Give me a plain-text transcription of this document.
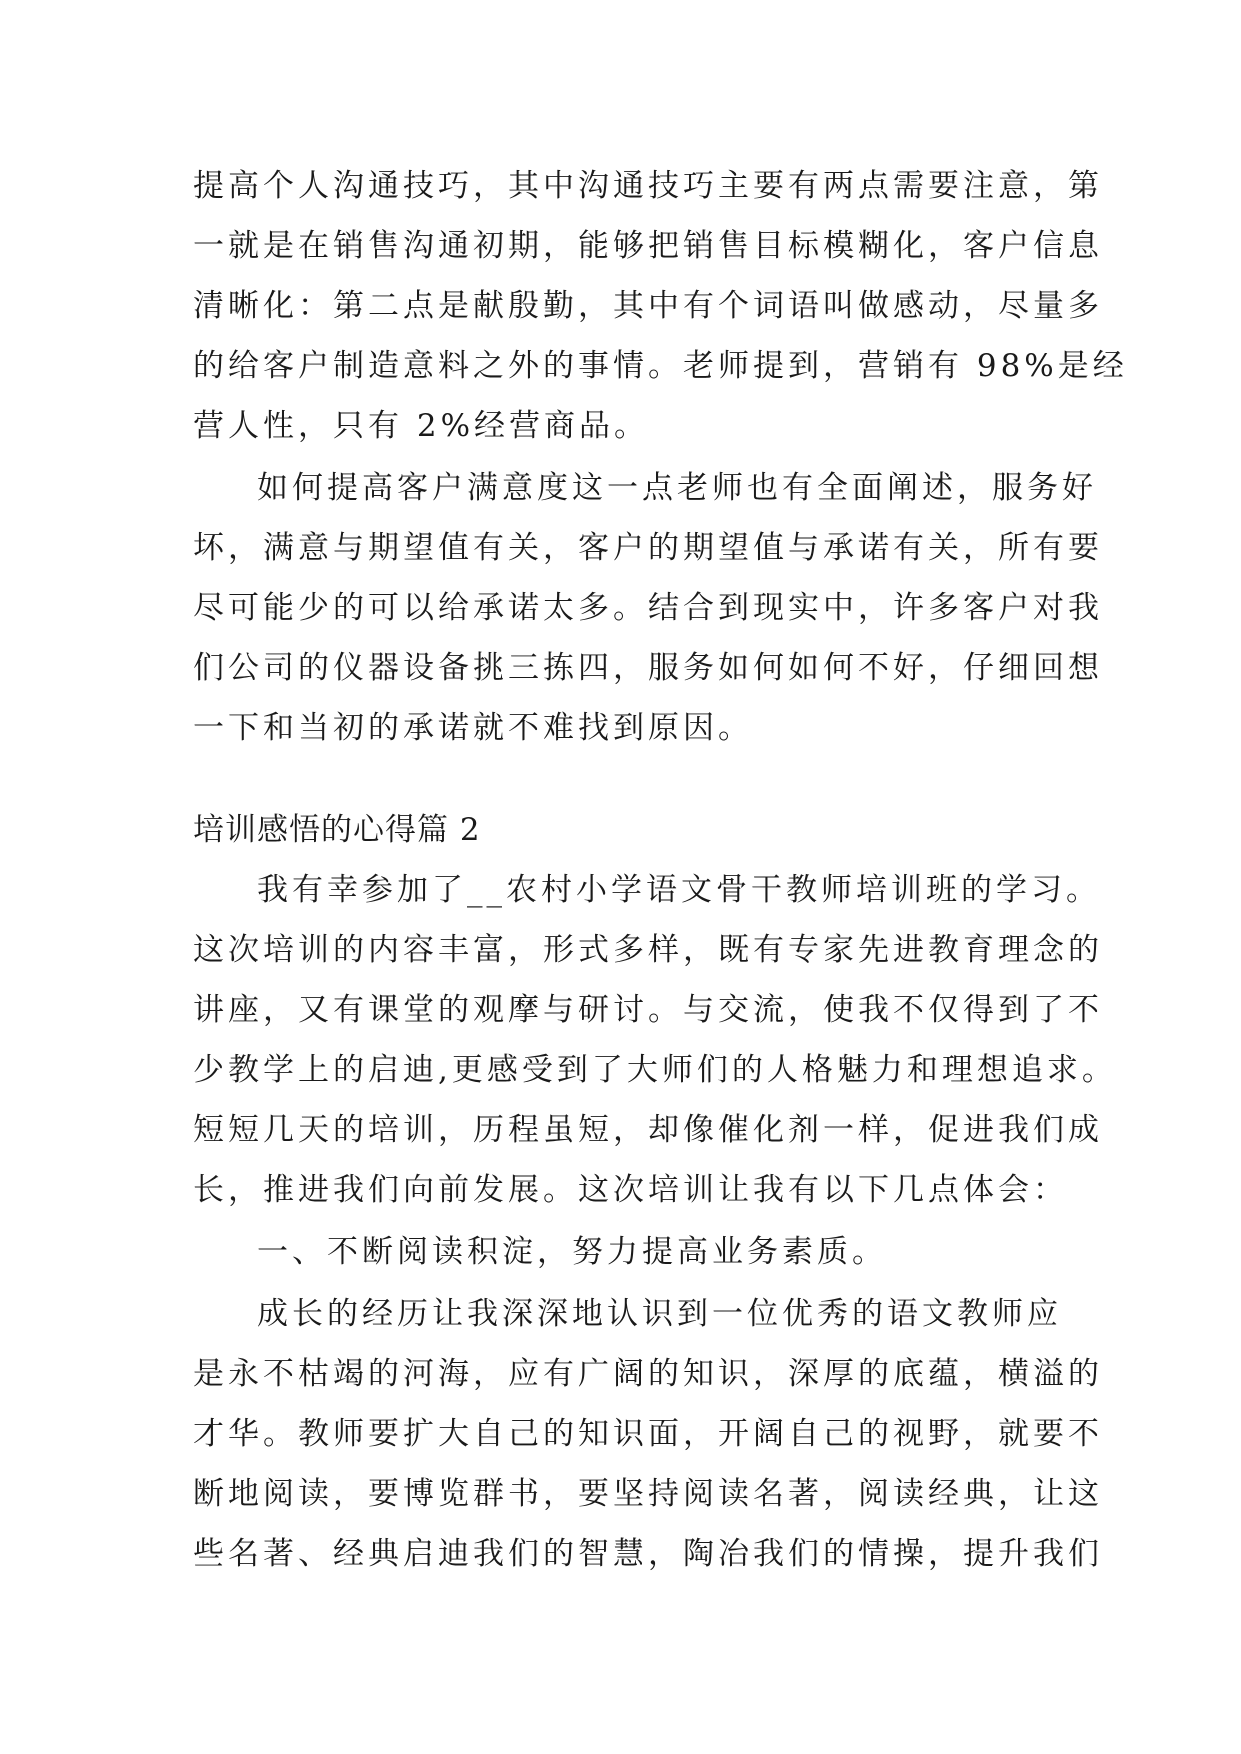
提高个人沟通技巧，其中沟通技巧主要有两点需要注意，第
一就是在销售沟通初期，能够把销售目标模糊化，客户信息
清晰化：第二点是献殷勤，其中有个词语叫做感动，尽量多
的给客户制造意料之外的事情。老师提到，营销有 98%是经
营人性，只有 2%经营商品。
如何提高客户满意度这一点老师也有全面阐述，服务好
坏，满意与期望值有关，客户的期望值与承诺有关，所有要
尽可能少的可以给承诺太多。结合到现实中，许多客户对我
们公司的仪器设备挑三拣四，服务如何如何不好，仔细回想
一下和当初的承诺就不难找到原因。
培训感悟的心得篇 2
我有幸参加了__农村小学语文骨干教师培训班的学习。
这次培训的内容丰富，形式多样，既有专家先进教育理念的
讲座，又有课堂的观摩与研讨。与交流，使我不仅得到了不
少教学上的启迪,更感受到了大师们的人格魅力和理想追求。
短短几天的培训，历程虽短，却像催化剂一样，促进我们成
长，推进我们向前发展。这次培训让我有以下几点体会：
一、不断阅读积淀，努力提高业务素质。
成长的经历让我深深地认识到一位优秀的语文教师应
是永不枯竭的河海，应有广阔的知识，深厚的底蕴，横溢的
才华。教师要扩大自己的知识面，开阔自己的视野，就要不
断地阅读，要博览群书，要坚持阅读名著，阅读经典，让这
些名著、经典启迪我们的智慧，陶冶我们的情操，提升我们
